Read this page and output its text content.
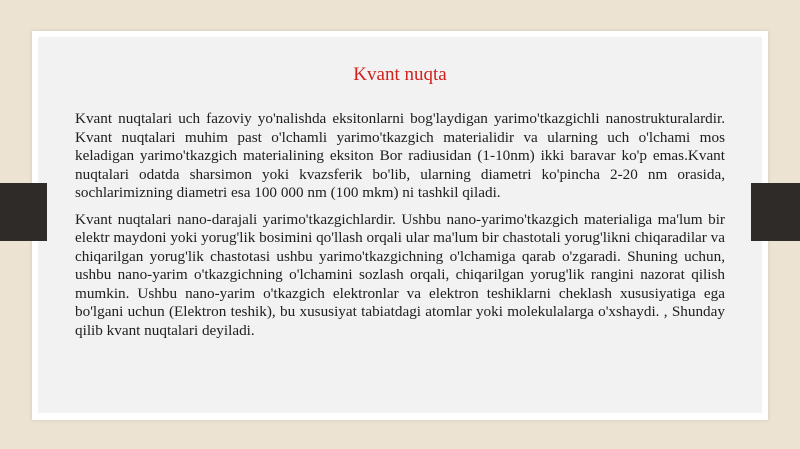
Kvant nuqta

Kvant nuqtalari uch fazoviy yo'nalishda eksitonlarni bog'laydigan yarimo'tkazgichli nanostrukturalardir. Kvant nuqtalari muhim past o'lchamli yarimo'tkazgich materialidir va ularning uch o'lchami mos keladigan yarimo'tkazgich materialining eksiton Bor radiusidan (1-10nm) ikki baravar ko'p emas.Kvant nuqtalari odatda sharsimon yoki kvazsferik bo'lib, ularning diametri ko'pincha 2-20 nm orasida, sochlarimizning diametri esa 100 000 nm (100 mkm) ni tashkil qiladi.

Kvant nuqtalari nano-darajali yarimo'tkazgichlardir. Ushbu nano-yarimo'tkazgich materialiga ma'lum bir elektr maydoni yoki yorug'lik bosimini qo'llash orqali ular ma'lum bir chastotali yorug'likni chiqaradilar va chiqarilgan yorug'lik chastotasi ushbu yarimo'tkazgichning o'lchamiga qarab o'zgaradi. Shuning uchun, ushbu nano-yarim o'tkazgichning o'lchamini sozlash orqali, chiqarilgan yorug'lik rangini nazorat qilish mumkin. Ushbu nano-yarim o'tkazgich elektronlar va elektron teshiklarni cheklash xususiyatiga ega bo'lgani uchun (Elektron teshik), bu xususiyat tabiatdagi atomlar yoki molekulalarga o'xshaydi. , Shunday qilib kvant nuqtalari deyiladi.
